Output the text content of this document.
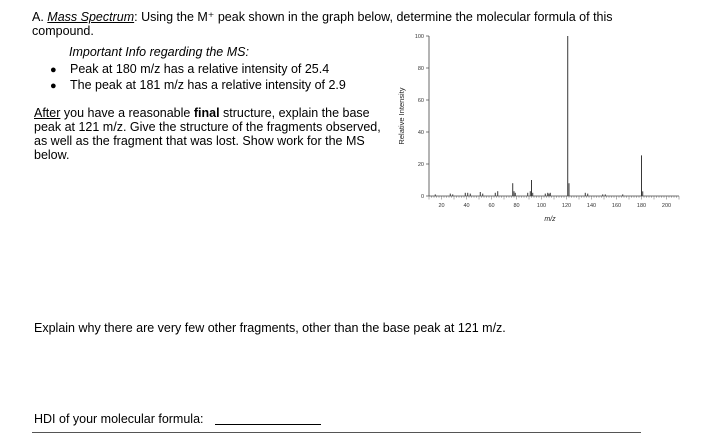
A. Mass Spectrum: Using the M⁺ peak shown in the graph below, determine the molecular formula of this compound.
Important Info regarding the MS:
● Peak at 180 m/z has a relative intensity of 25.4
● The peak at 181 m/z has a relative intensity of 2.9
After you have a reasonable final structure, explain the base peak at 121 m/z. Give the structure of the fragments observed, as well as the fragment that was lost. Show work for the MS below.
0
20
40
60
80
100
20	40	60	80	100	120	140	160	180	200
Relative Intensity
m/z
Explain why there are very few other fragments, other than the base peak at 121 m/z.
HDI of your molecular formula:
